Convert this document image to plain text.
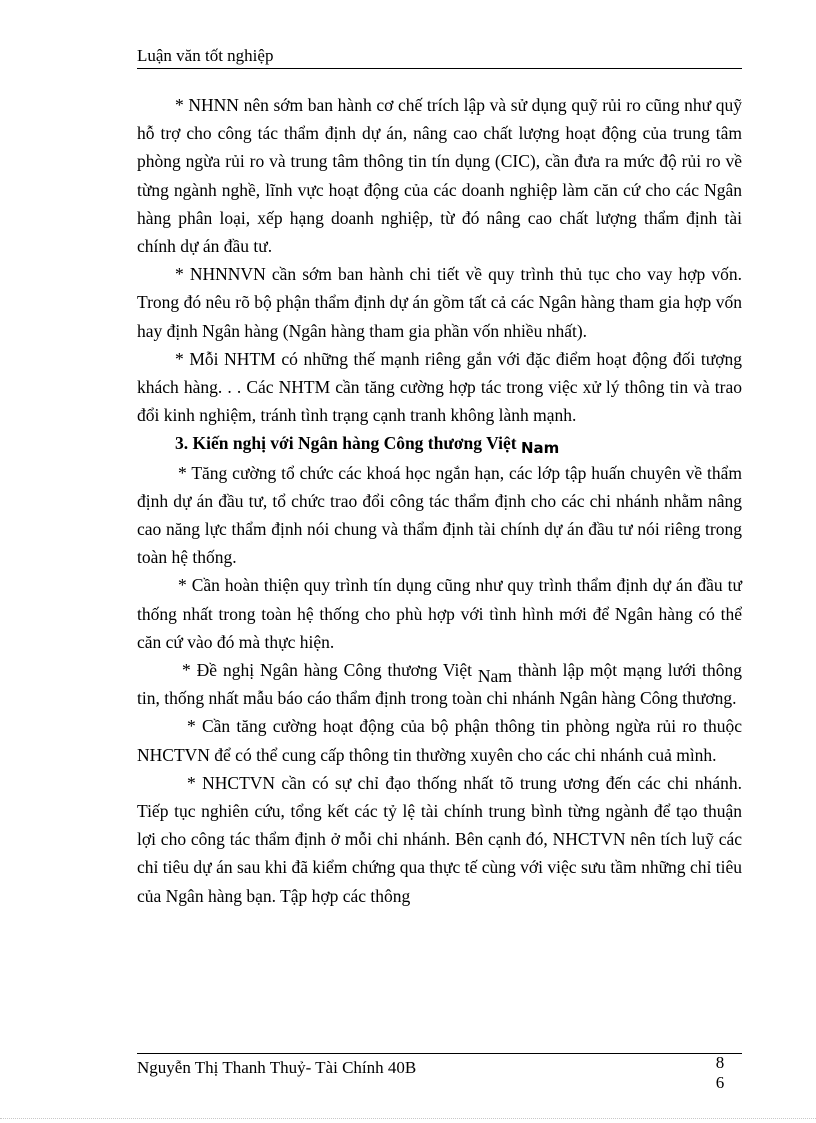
Luận văn tốt nghiệp

* NHNN nên sớm ban hành cơ chế trích lập và sử dụng quỹ rủi ro cũng như quỹ hỗ trợ cho công tác thẩm định dự án, nâng cao chất lượng hoạt động của trung tâm phòng ngừa rủi ro và trung tâm thông tin tín dụng (CIC), cần đưa ra mức độ rủi ro về từng ngành nghề, lĩnh vực hoạt động của các doanh nghiệp làm căn cứ cho các Ngân hàng phân loại, xếp hạng doanh nghiệp, từ đó nâng cao chất lượng thẩm định tài chính dự án đầu tư.

* NHNNVN cần sớm ban hành chi tiết về quy trình thủ tục cho vay hợp vốn. Trong đó nêu rõ bộ phận thẩm định dự án gồm tất cả các Ngân hàng tham gia hợp vốn hay định Ngân hàng (Ngân hàng tham gia phần vốn nhiều nhất).

* Mỗi NHTM có những thế mạnh riêng gắn với đặc điểm hoạt động đối tượng khách hàng. . . Các NHTM cần tăng cường hợp tác trong việc xử lý thông tin và trao đổi kinh nghiệm, tránh tình trạng cạnh tranh không lành mạnh.

3. Kiến nghị với Ngân hàng Công thương Việt Nam

* Tăng cường tổ chức các khoá học ngắn hạn, các lớp tập huấn chuyên về thẩm định dự án đầu tư, tổ chức trao đổi công tác thẩm định cho các chi nhánh nhằm nâng cao năng lực thẩm định nói chung và thẩm định tài chính dự án đầu tư nói riêng trong toàn hệ thống.

* Cần hoàn thiện quy trình tín dụng cũng như quy trình thẩm định dự án đầu tư thống nhất trong toàn hệ thống cho phù hợp với tình hình mới để Ngân hàng có thể căn cứ vào đó mà thực hiện.

* Đề nghị Ngân hàng Công thương Việt Nam thành lập một mạng lưới thông tin, thống nhất mẫu báo cáo thẩm định trong toàn chi nhánh Ngân hàng Công thương.

* Cần tăng cường hoạt động của bộ phận thông tin phòng ngừa rủi ro thuộc NHCTVN để có thể cung cấp thông tin thường xuyên cho các chi nhánh cuả mình.

* NHCTVN cần có sự chỉ đạo thống nhất tõ trung ương đến các chi nhánh. Tiếp tục nghiên cứu, tổng kết các tỷ lệ tài chính trung bình từng ngành để tạo thuận lợi cho công tác thẩm định ở mỗi chi nhánh. Bên cạnh đó, NHCTVN nên tích luỹ các chỉ tiêu dự án sau khi đã kiểm chứng qua thực tế cùng với việc sưu tầm những chỉ tiêu của Ngân hàng bạn. Tập hợp các thông

Nguyễn Thị Thanh Thuỷ- Tài Chính 40B	8
6
